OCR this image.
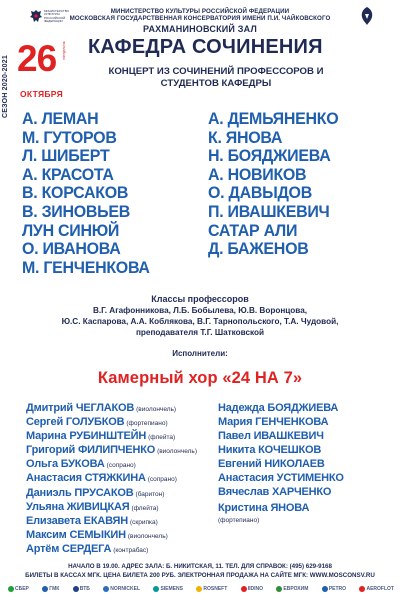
СЕЗОН 2020-2021
МИНИСТЕРСТВО КУЛЬТУРЫ РОССИЙСКОЙ ФЕДЕРАЦИИ
МИНИСТЕРСТВО КУЛЬТУРЫ РОССИЙСКОЙ ФЕДЕРАЦИИ
МОСКОВСКАЯ ГОСУДАРСТВЕННАЯ КОНСЕРВАТОРИЯ ИМЕНИ П.И. ЧАЙКОВСКОГО
РАХМАНИНОВСКИЙ ЗАЛ
26 понедельник
ОКТЯБРЯ
КАФЕДРА СОЧИНЕНИЯ
КОНЦЕРТ ИЗ СОЧИНЕНИЙ ПРОФЕССОРОВ И СТУДЕНТОВ КАФЕДРЫ
А. ЛЕМАН
М. ГУТОРОВ
Л. ШИБЕРТ
А. КРАСОТА
В. КОРСАКОВ
В. ЗИНОВЬЕВ
ЛУН СИНЮЙ
О. ИВАНОВА
М. ГЕНЧЕНКОВА
А. ДЕМЬЯНЕНКО
К. ЯНОВА
Н. БОЯДЖИЕВА
А. НОВИКОВ
О. ДАВЫДОВ
П. ИВАШКЕВИЧ
САТАР АЛИ
Д. БАЖЕНОВ
Классы профессоров
В.Г. Агафонникова, Л.Б. Бобылева, Ю.В. Воронцова,
Ю.С. Каспарова, А.А. Коблякова, В.Г. Тарнопольского, Т.А. Чудовой,
преподавателя Т.Г. Шатковской
Исполнители:
Камерный хор «24 НА 7»
Дмитрий ЧЕГЛАКОВ (виолончель)
Сергей ГОЛУБКОВ (фортепиано)
Марина РУБИНШТЕЙН (флейта)
Григорий ФИЛИПЧЕНКО (виолончель)
Ольга БУКОВА (сопрано)
Анастасия СТЯЖКИНА (сопрано)
Даниэль ПРУСАКОВ (баритон)
Ульяна ЖИВИЦКАЯ (флейта)
Елизавета ЕКАВЯН (скрипка)
Максим СЕМЫКИН (виолончель)
Артём СЕРДЕГА (контрабас)
Надежда БОЯДЖИЕВА
Мария ГЕНЧЕНКОВА
Павел ИВАШКЕВИЧ
Никита КОЧЕШКОВ
Евгений НИКОЛАЕВ
Анастасия УСТИМЕНКО
Вячеслав ХАРЧЕНКО
Кристина ЯНОВА
(фортепиано)
НАЧАЛО В 19.00. АДРЕС ЗАЛА: Б. НИКИТСКАЯ, 11. ТЕЛ. ДЛЯ СПРАВОК: (495) 629-9168
БИЛЕТЫ В КАССАХ МГК. ЦЕНА БИЛЕТА 200 РУБ. ЭЛЕКТРОННАЯ ПРОДАЖА НА САЙТЕ МГК: WWW.MOSCONSV.RU
СБЕР	ГМК	ВТБ	NORNICKEL	SIEMENS	ROSNEFT	IIDINO	ЕВРОХИМ	PETRO	AEROFLOT
